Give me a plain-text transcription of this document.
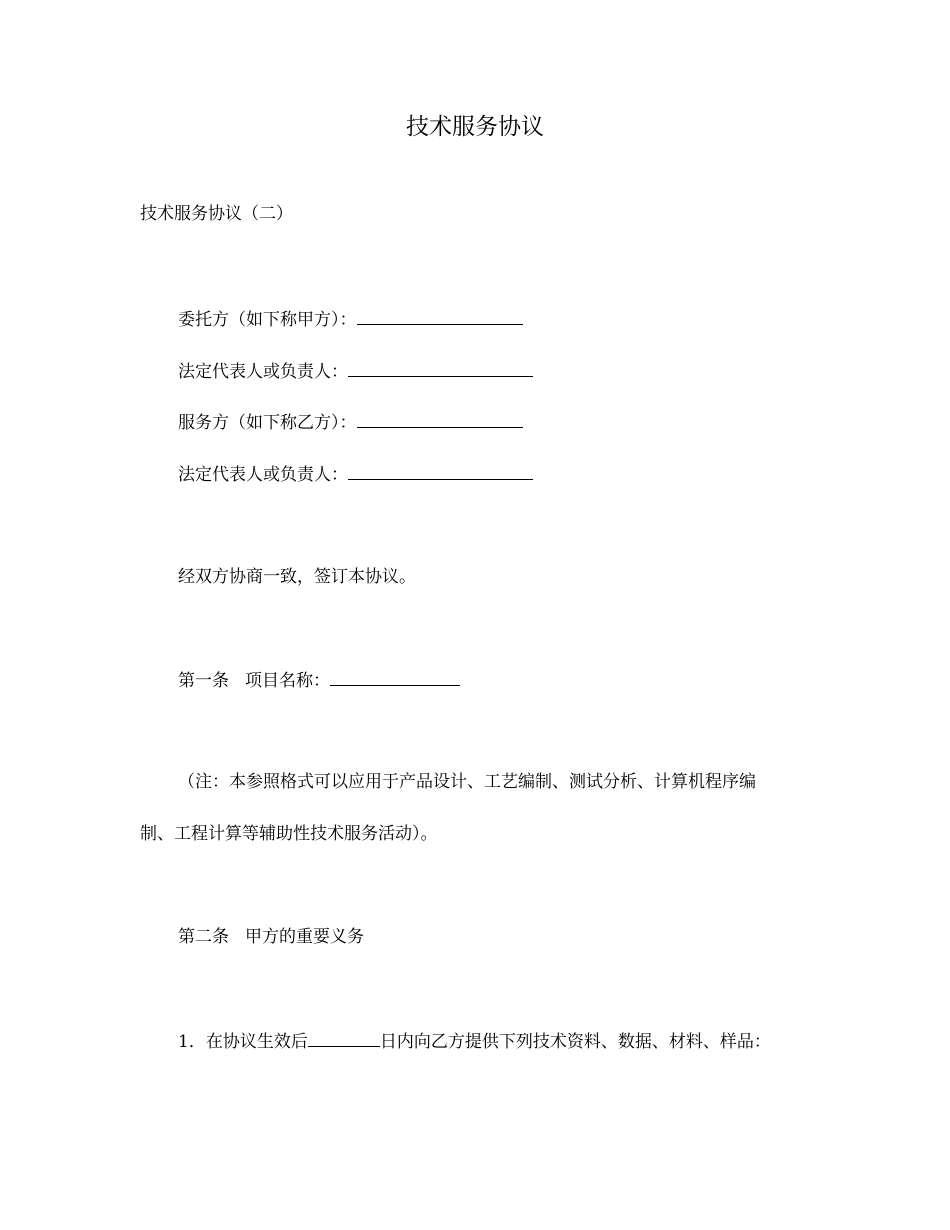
技术服务协议
技术服务协议（二）
委托方（如下称甲方）：
法定代表人或负责人：
服务方（如下称乙方）：
法定代表人或负责人：
经双方协商一致，签订本协议。
第一条 项目名称：
（注：本参照格式可以应用于产品设计、工艺编制、测试分析、计算机程序编
制、工程计算等辅助性技术服务活动）。
第二条 甲方的重要义务
1．在协议生效后	日内向乙方提供下列技术资料、数据、材料、样品：
